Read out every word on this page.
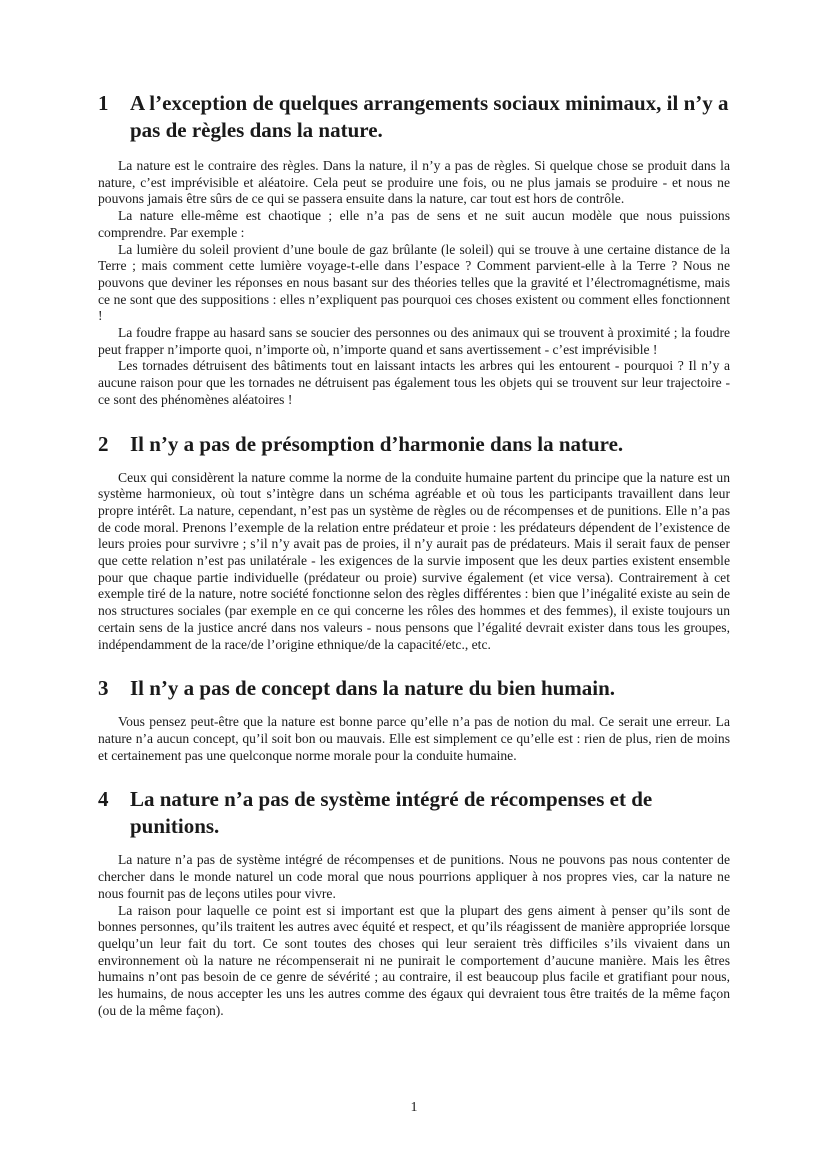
1	A l’exception de quelques arrangements sociaux minimaux, il n’y a pas de règles dans la nature.

La nature est le contraire des règles. Dans la nature, il n’y a pas de règles. Si quelque chose se produit dans la nature, c’est imprévisible et aléatoire. Cela peut se produire une fois, ou ne plus jamais se produire - et nous ne pouvons jamais être sûrs de ce qui se passera ensuite dans la nature, car tout est hors de contrôle.

La nature elle-même est chaotique ; elle n’a pas de sens et ne suit aucun modèle que nous puissions comprendre. Par exemple :

La lumière du soleil provient d’une boule de gaz brûlante (le soleil) qui se trouve à une certaine distance de la Terre ; mais comment cette lumière voyage-t-elle dans l’espace ? Comment parvient-elle à la Terre ? Nous ne pouvons que deviner les réponses en nous basant sur des théories telles que la gravité et l’électromagnétisme, mais ce ne sont que des suppositions : elles n’expliquent pas pourquoi ces choses existent ou comment elles fonctionnent !

La foudre frappe au hasard sans se soucier des personnes ou des animaux qui se trouvent à proximité ; la foudre peut frapper n’importe quoi, n’importe où, n’importe quand et sans avertissement - c’est imprévisible !

Les tornades détruisent des bâtiments tout en laissant intacts les arbres qui les entourent - pourquoi ? Il n’y a aucune raison pour que les tornades ne détruisent pas également tous les objets qui se trouvent sur leur trajectoire - ce sont des phénomènes aléatoires !

2	Il n’y a pas de présomption d’harmonie dans la nature.

Ceux qui considèrent la nature comme la norme de la conduite humaine partent du principe que la nature est un système harmonieux, où tout s’intègre dans un schéma agréable et où tous les participants travaillent dans leur propre intérêt. La nature, cependant, n’est pas un système de règles ou de récompenses et de punitions. Elle n’a pas de code moral. Prenons l’exemple de la relation entre prédateur et proie : les prédateurs dépendent de l’existence de leurs proies pour survivre ; s’il n’y avait pas de proies, il n’y aurait pas de prédateurs. Mais il serait faux de penser que cette relation n’est pas unilatérale - les exigences de la survie imposent que les deux parties existent ensemble pour que chaque partie individuelle (prédateur ou proie) survive également (et vice versa). Contrairement à cet exemple tiré de la nature, notre société fonctionne selon des règles différentes : bien que l’inégalité existe au sein de nos structures sociales (par exemple en ce qui concerne les rôles des hommes et des femmes), il existe toujours un certain sens de la justice ancré dans nos valeurs - nous pensons que l’égalité devrait exister dans tous les groupes, indépendamment de la race/de l’origine ethnique/de la capacité/etc., etc.

3	Il n’y a pas de concept dans la nature du bien humain.

Vous pensez peut-être que la nature est bonne parce qu’elle n’a pas de notion du mal. Ce serait une erreur. La nature n’a aucun concept, qu’il soit bon ou mauvais. Elle est simplement ce qu’elle est : rien de plus, rien de moins et certainement pas une quelconque norme morale pour la conduite humaine.

4	La nature n’a pas de système intégré de récompenses et de punitions.

La nature n’a pas de système intégré de récompenses et de punitions. Nous ne pouvons pas nous contenter de chercher dans le monde naturel un code moral que nous pourrions appliquer à nos propres vies, car la nature ne nous fournit pas de leçons utiles pour vivre.

La raison pour laquelle ce point est si important est que la plupart des gens aiment à penser qu’ils sont de bonnes personnes, qu’ils traitent les autres avec équité et respect, et qu’ils réagissent de manière appropriée lorsque quelqu’un leur fait du tort. Ce sont toutes des choses qui leur seraient très difficiles s’ils vivaient dans un environnement où la nature ne récompenserait ni ne punirait le comportement d’aucune manière. Mais les êtres humains n’ont pas besoin de ce genre de sévérité ; au contraire, il est beaucoup plus facile et gratifiant pour nous, les humains, de nous accepter les uns les autres comme des égaux qui devraient tous être traités de la même façon (ou de la même façon).

1
